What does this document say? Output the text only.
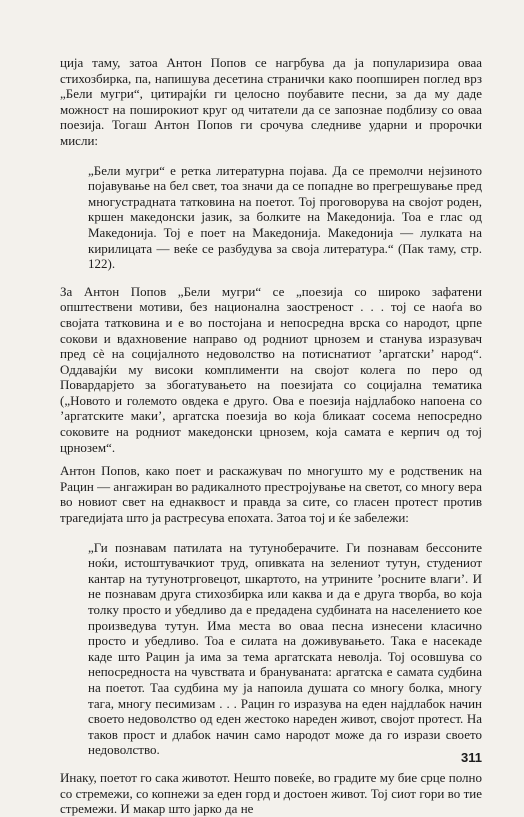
ција таму, затоа Антон Попов се нагрбува да ја популаризира оваа стихозбирка, па, напишува десетина странички како поопширен поглед врз „Бели мугри“, цитирајќи ги целосно поубавите песни, за да му даде можност на поширокиот круг од читатели да се запознае подблизу со оваа поезија. Тогаш Антон Попов ги срочува следниве ударни и пророчки мисли:

„Бели мугри“ е ретка литературна појава. Да се премолчи нејзиното појавување на бел свет, тоа значи да се попадне во прегрешување пред многустрадната татковина на поетот. Тој проговорува на својот роден, кршен македонски јазик, за болките на Македонија. Тоа е глас од Македонија. Тој е поет на Македонија. Македонија — лулката на кирилицата — веќе се разбудува за своја литература.“ (Пак таму, стр. 122).

За Антон Попов „Бели мугри“ се „поезија со широко зафатени општествени мотиви, без национална заостреност . . . тој се наоѓа во својата татковина и е во постојана и непосредна врска со народот, црпе сокови и вдахновение направо од родниот црнозем и станува изразувач пред сè на социјалното недоволство на потиснатиот ’аргатски’ народ“. Оддавајќи му високи комплименти на својот колега по перо од Повардарјето за збогатувањето на поезијата со социјална тематика („Новото и големото овдека е друго. Ова е поезија најдлабоко напоена со ’аргатските маки’, аргатска поезија во која бликаат сосема непосредно соковите на родниот македонски црнозем, која самата е керпич од тој црнозем“.

Антон Попов, како поет и раскажувач по многушто му е родственик на Рацин — ангажиран во радикалното престројување на светот, со многу вера во новиот свет на еднаквост и правда за сите, со гласен протест против трагедијата што ја растресува епохата. Затоа тој и ќе забележи:

„Ги познавам патилата на тутуноберачите. Ги познавам бессоните ноќи, истоштувачкиот труд, опивката на зелениот тутун, студениот кантар на тутунотрговецот, шкартото, на утрините ’росните влаги’. И не познавам друга стихозбирка или каква и да е друга творба, во која толку просто и убедливо да е предадена судбината на населението кое произведува тутун. Има места во оваа песна изнесени класично просто и убедливо. Тоа е силата на доживувањето. Така е насекаде каде што Рацин ја има за тема аргатската неволја. Тој осовшува со непосредноста на чувствата и брануваната: аргатска е самата судбина на поетот. Таа судбина му ја напоила душата со многу болка, многу тага, многу песимизам . . . Рацин го изразува на еден најдлабок начин своето недоволство од еден жестоко нареден живот, својот протест. На таков прост и длабок начин само народот може да го изрази своето недоволство.

Инаку, поетот го сака животот. Нешто повеќе, во градите му бие срце полно со стремежи, со копнежи за еден горд и достоен живот. Тој сиот гори во тие стремежи. И макар што јарко да не

311
